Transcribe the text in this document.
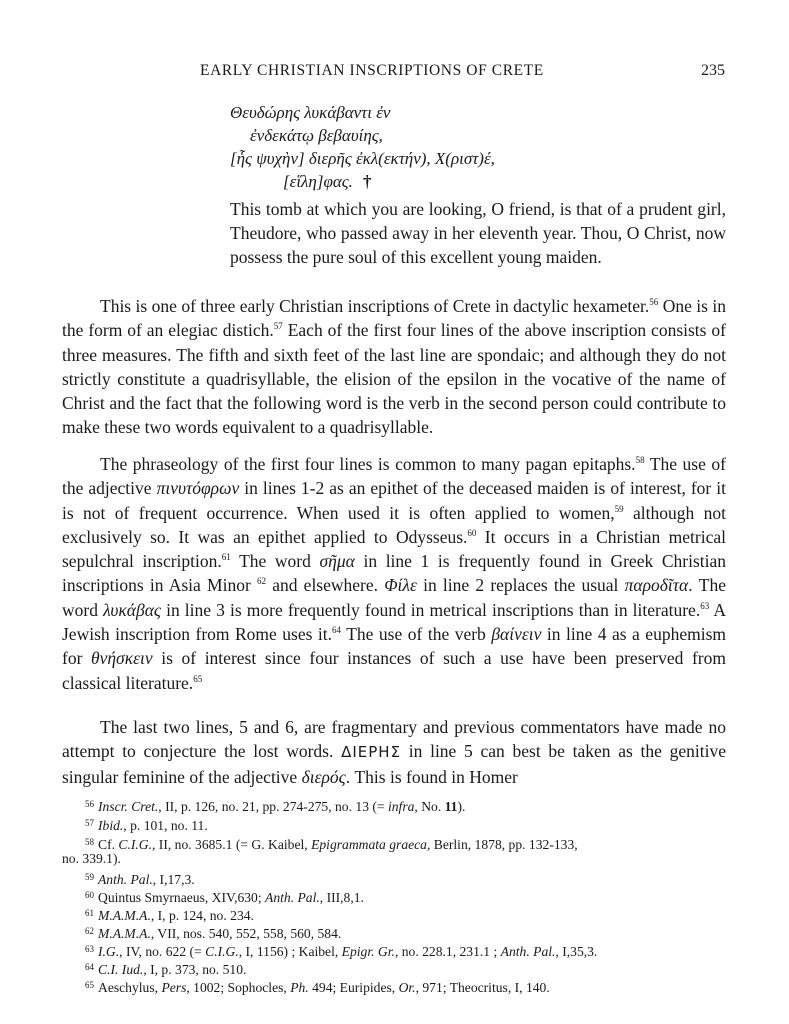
EARLY CHRISTIAN INSCRIPTIONS OF CRETE	235
Θευδώρης λυκάβαντι ἐν
ἐνδεκάτῳ βεβαυίης,
[ἧς ψυχὴν] διερῆς ἐκλ(εκτήν), Χ(ριστ)έ,
[εἵλη]φας. †
This tomb at which you are looking, O friend, is that of a prudent girl, Theudore, who passed away in her eleventh year. Thou, O Christ, now possess the pure soul of this excellent young maiden.

This is one of three early Christian inscriptions of Crete in dactylic hexameter.$^{56}$ One is in the form of an elegiac distich.$^{57}$ Each of the first four lines of the above inscription consists of three measures. The fifth and sixth feet of the last line are spondaic; and although they do not strictly constitute a quadrisyllable, the elision of the epsilon in the vocative of the name of Christ and the fact that the following word is the verb in the second person could contribute to make these two words equivalent to a quadrisyllable.

The phraseology of the first four lines is common to many pagan epitaphs.$^{58}$ The use of the adjective πινυτόφρων in lines 1-2 as an epithet of the deceased maiden is of interest, for it is not of frequent occurrence. When used it is often applied to women,$^{59}$ although not exclusively so. It was an epithet applied to Odysseus.$^{60}$ It occurs in a Christian metrical sepulchral inscription.$^{61}$ The word σῆμα in line 1 is frequently found in Greek Christian inscriptions in Asia Minor $^{62}$ and elsewhere. Φίλε in line 2 replaces the usual παροδῖτα. The word λυκάβας in line 3 is more frequently found in metrical inscriptions than in literature.$^{63}$ A Jewish inscription from Rome uses it.$^{64}$ The use of the verb βαίνειν in line 4 as a euphemism for θνήσκειν is of interest since four instances of such a use have been preserved from classical literature.$^{65}$

The last two lines, 5 and 6, are fragmentary and previous commentators have made no attempt to conjecture the lost words. ΔΙΕΡΗΣ in line 5 can best be taken as the genitive singular feminine of the adjective διερός. This is found in Homer

56 Inscr. Cret., II, p. 126, no. 21, pp. 274-275, no. 13 (= infra, No. 11).
57 Ibid., p. 101, no. 11.
58 Cf. C.I.G., II, no. 3685.1 (= G. Kaibel, Epigrammata graeca, Berlin, 1878, pp. 132-133,
no. 339.1).
59 Anth. Pal., I,17,3.
60 Quintus Smyrnaeus, XIV,630; Anth. Pal., III,8,1.
61 M.A.M.A., I, p. 124, no. 234.
62 M.A.M.A., VII, nos. 540, 552, 558, 560, 584.
63 I.G., IV, no. 622 (= C.I.G., I, 1156) ; Kaibel, Epigr. Gr., no. 228.1, 231.1 ; Anth. Pal., I,35,3.
64 C.I. Iud., I, p. 373, no. 510.
65 Aeschylus, Pers, 1002; Sophocles, Ph. 494; Euripides, Or., 971; Theocritus, I, 140.
